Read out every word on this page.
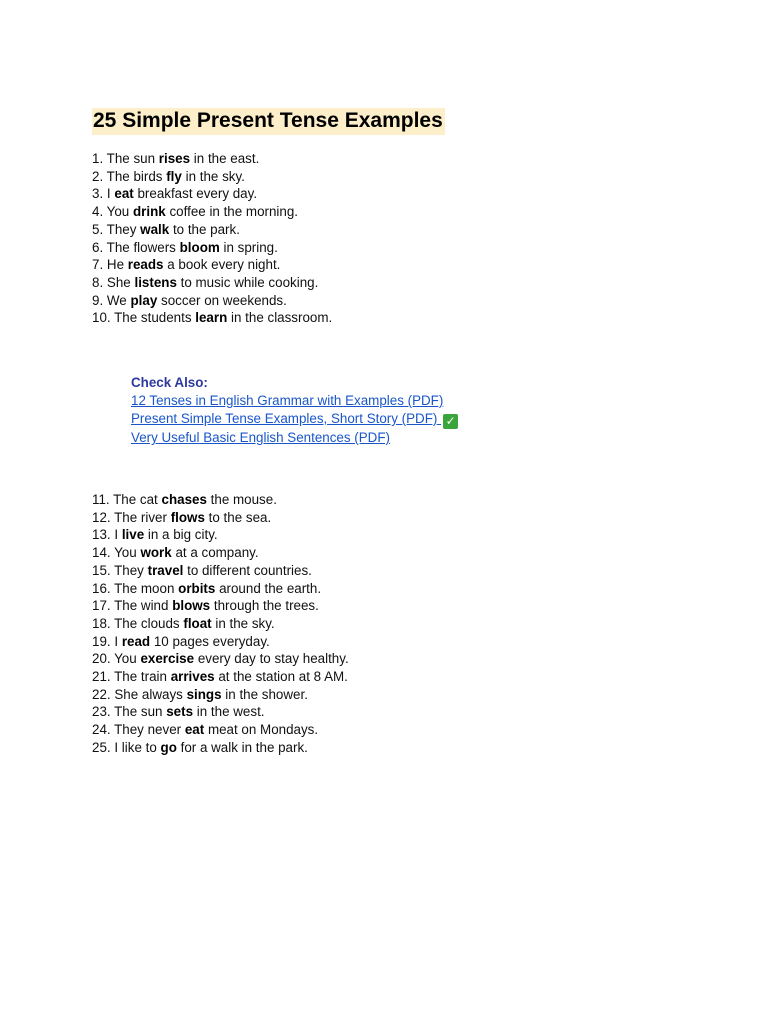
25 Simple Present Tense Examples
1. The sun rises in the east.
2. The birds fly in the sky.
3. I eat breakfast every day.
4. You drink coffee in the morning.
5. They walk to the park.
6. The flowers bloom in spring.
7. He reads a book every night.
8. She listens to music while cooking.
9. We play soccer on weekends.
10. The students learn in the classroom.
Check Also:
12 Tenses in English Grammar with Examples (PDF)
Present Simple Tense Examples, Short Story (PDF) ✓
Very Useful Basic English Sentences (PDF)
11. The cat chases the mouse.
12. The river flows to the sea.
13. I live in a big city.
14. You work at a company.
15. They travel to different countries.
16. The moon orbits around the earth.
17. The wind blows through the trees.
18. The clouds float in the sky.
19. I read 10 pages everyday.
20. You exercise every day to stay healthy.
21. The train arrives at the station at 8 AM.
22. She always sings in the shower.
23. The sun sets in the west.
24. They never eat meat on Mondays.
25. I like to go for a walk in the park.
